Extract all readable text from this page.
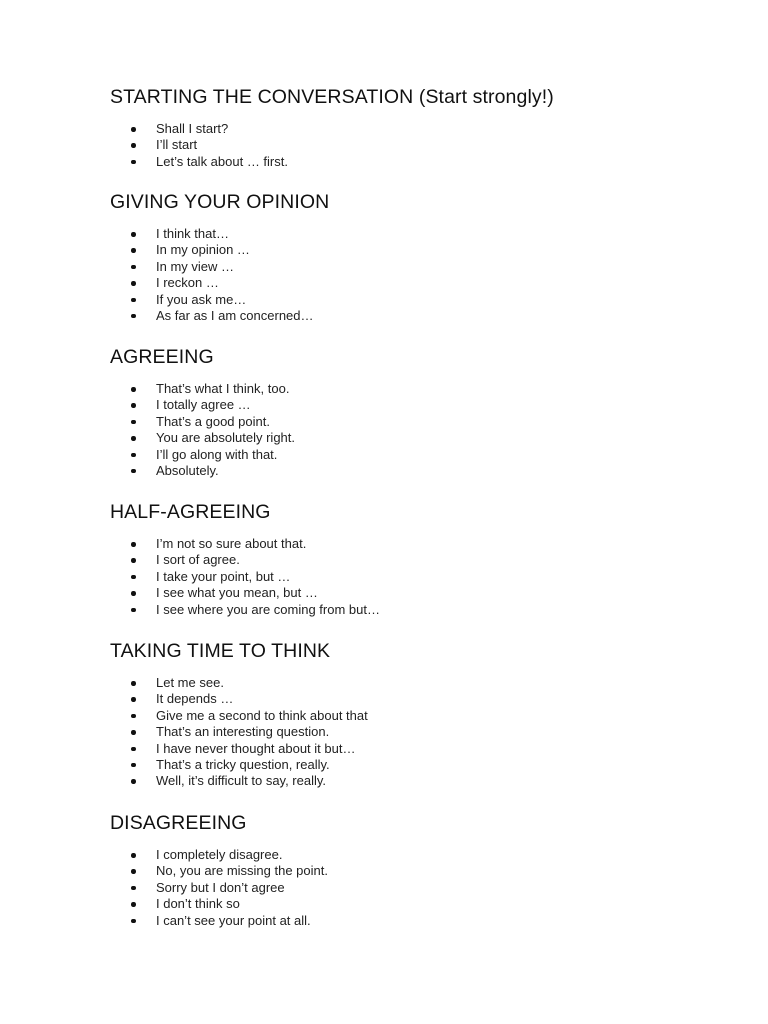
STARTING THE CONVERSATION (Start strongly!)
Shall I start?
I’ll start
Let’s talk about … first.
GIVING YOUR OPINION
I think that…
In my opinion …
In my view …
I reckon …
If you ask me…
As far as I am concerned…
AGREEING
That’s what I think, too.
I totally agree …
That’s a good point.
You are absolutely right.
I’ll go along with that.
Absolutely.
HALF-AGREEING
I’m not so sure about that.
I sort of agree.
I take your point, but …
I see what you mean, but …
I see where you are coming from but…
TAKING TIME TO THINK
Let me see.
It depends …
Give me a second to think about that
That’s an interesting question.
I have never thought about it but…
That’s a tricky question, really.
Well, it’s difficult to say, really.
DISAGREEING
I completely disagree.
No, you are missing the point.
Sorry but I don’t agree
I don’t think so
I can’t see your point at all.
